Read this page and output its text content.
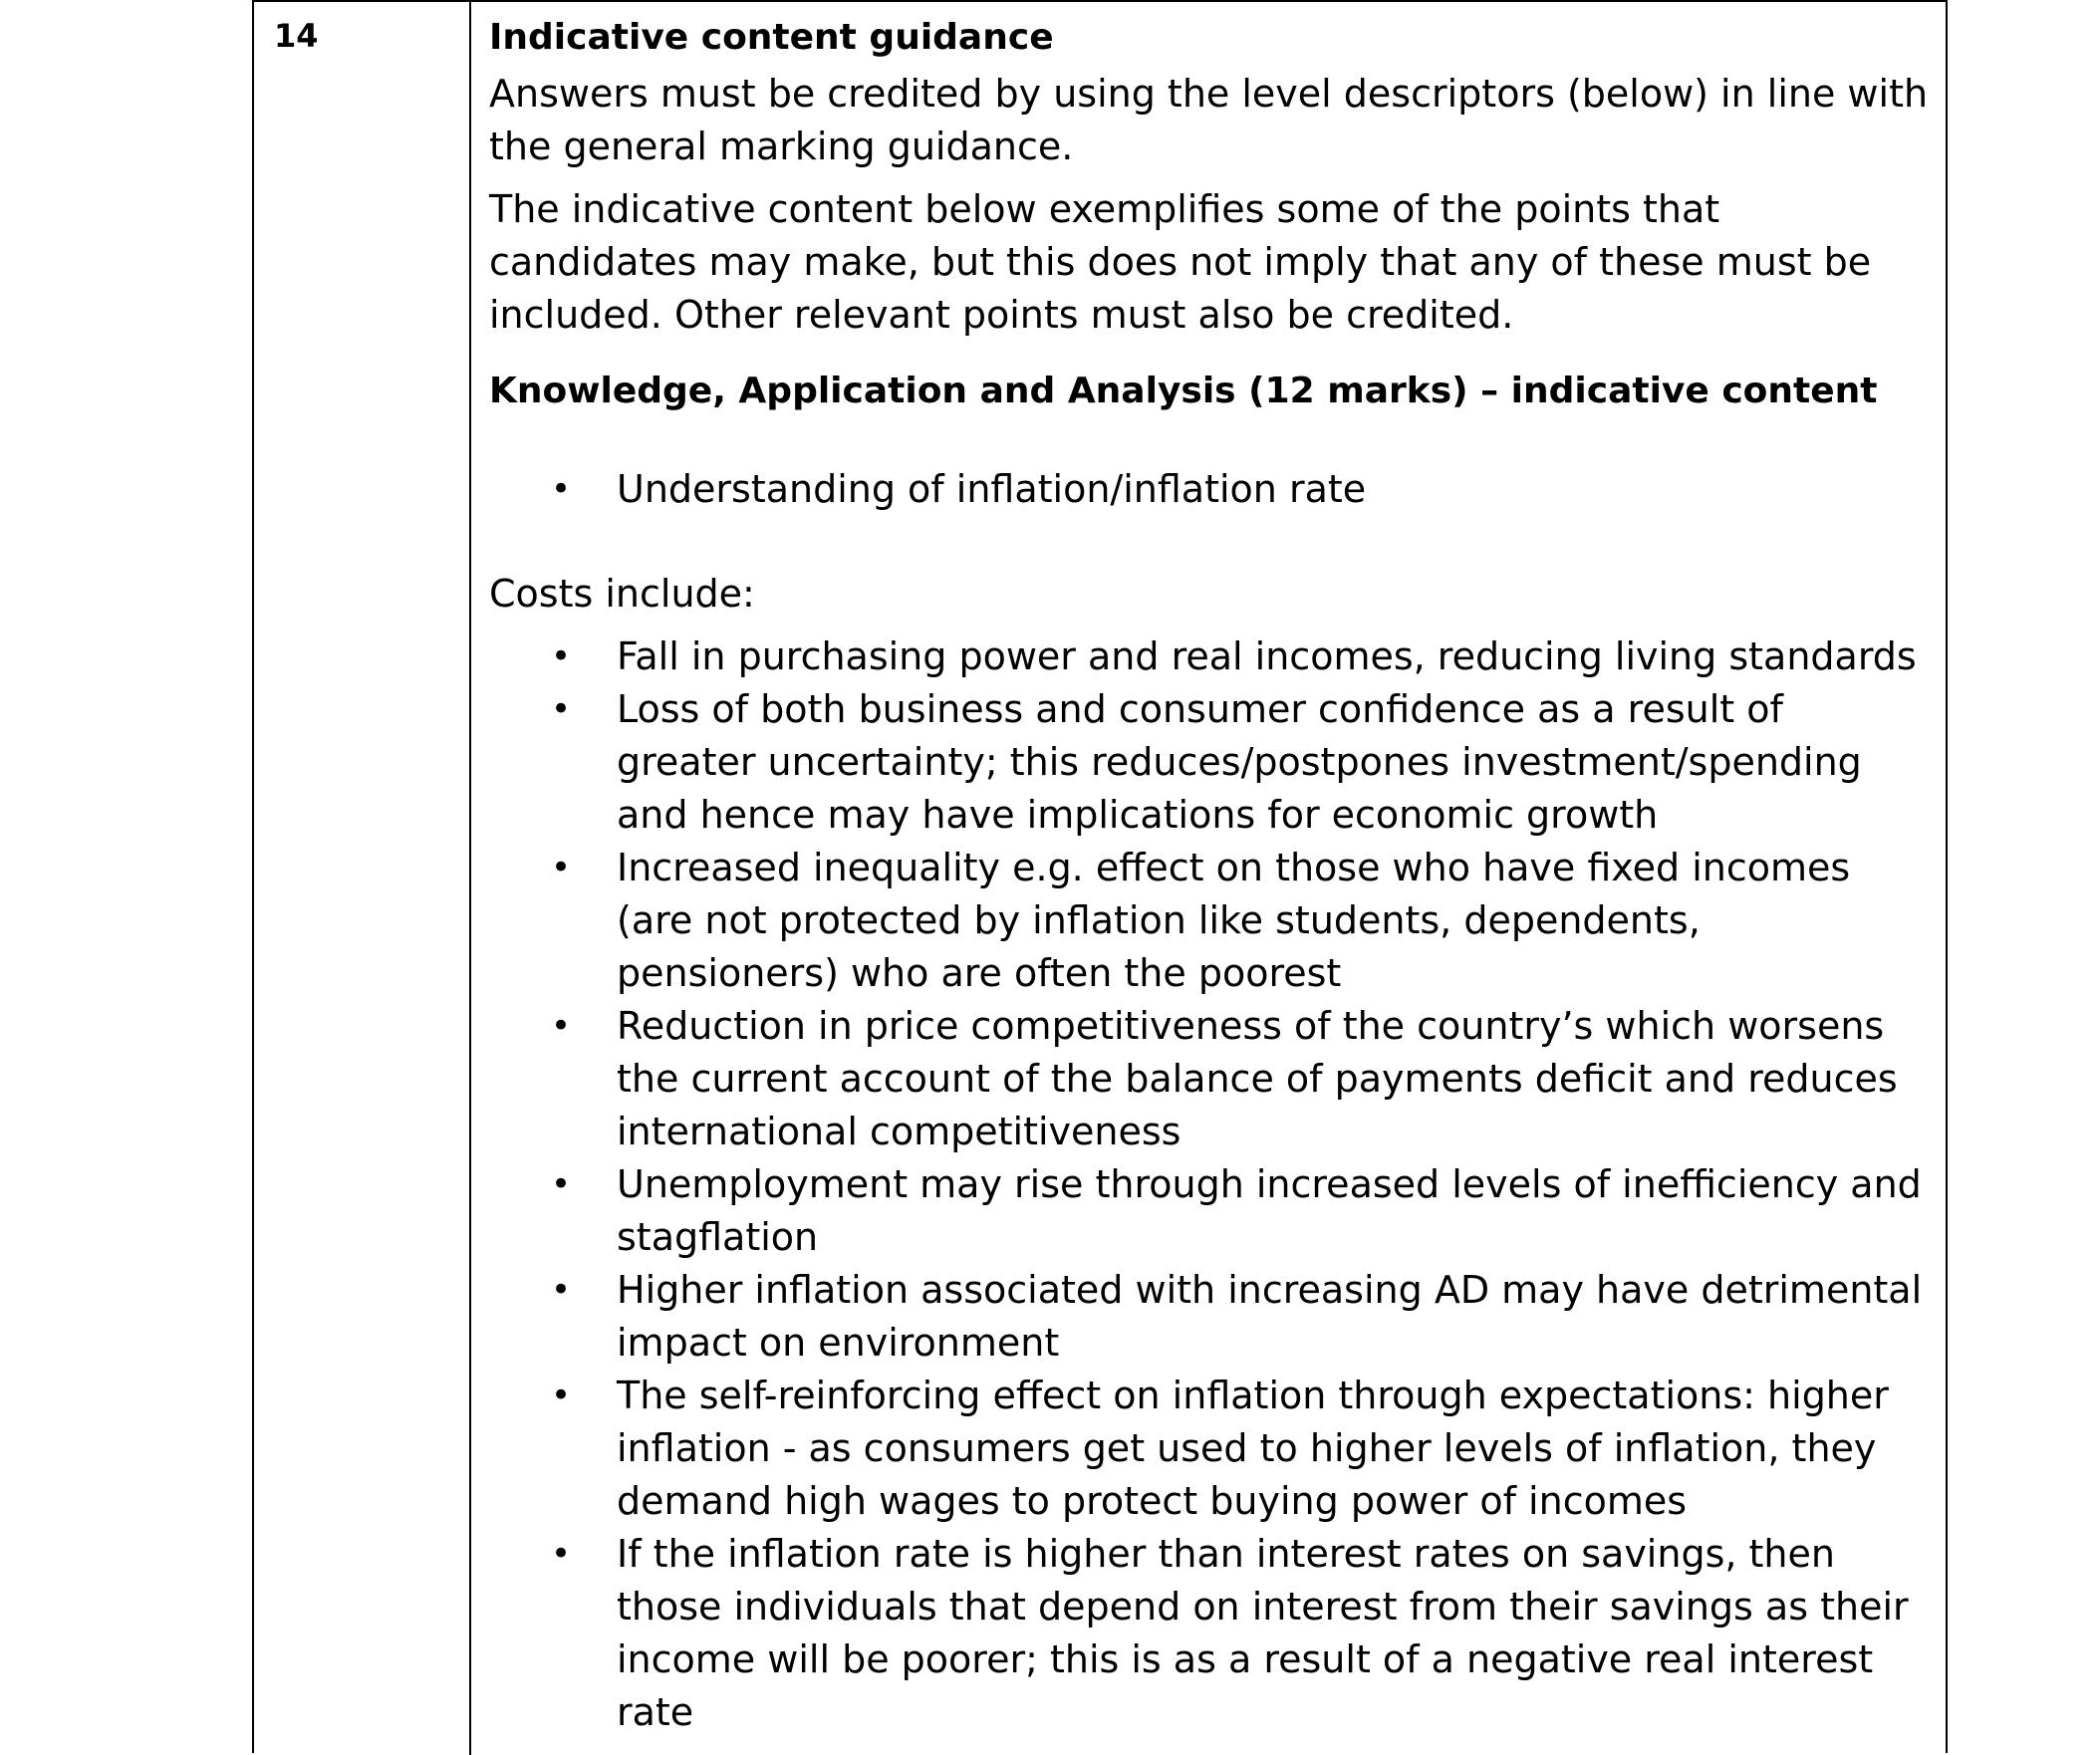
14	Indicative content guidance

Answers must be credited by using the level descriptors (below) in line with the general marking guidance.

The indicative content below exemplifies some of the points that candidates may make, but this does not imply that any of these must be included. Other relevant points must also be credited.

Knowledge, Application and Analysis (12 marks) – indicative content

• Understanding of inflation/inflation rate

Costs include:

• Fall in purchasing power and real incomes, reducing living standards
• Loss of both business and consumer confidence as a result of greater uncertainty; this reduces/postpones investment/spending and hence may have implications for economic growth
• Increased inequality e.g. effect on those who have fixed incomes (are not protected by inflation like students, dependents, pensioners) who are often the poorest
• Reduction in price competitiveness of the country’s which worsens the current account of the balance of payments deficit and reduces international competitiveness
• Unemployment may rise through increased levels of inefficiency and stagflation
• Higher inflation associated with increasing AD may have detrimental impact on environment
• The self-reinforcing effect on inflation through expectations: higher inflation - as consumers get used to higher levels of inflation, they demand high wages to protect buying power of incomes
• If the inflation rate is higher than interest rates on savings, then those individuals that depend on interest from their savings as their income will be poorer; this is as a result of a negative real interest rate
